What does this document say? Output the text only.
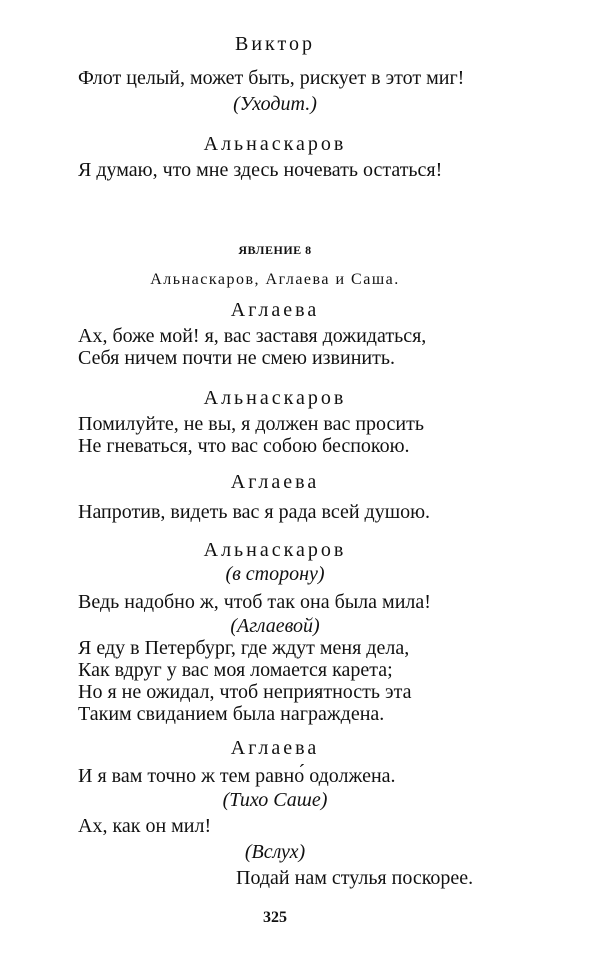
Виктор
Флот целый, может быть, рискует в этот миг!
(Уходит.)
Альнаскаров
Я думаю, что мне здесь ночевать остаться!
ЯВЛЕНИЕ 8
Альнаскаров, Аглаева и Саша.
Аглаева
Ах, боже мой! я, вас заставя дожидаться,
Себя ничем почти не смею извинить.
Альнаскаров
Помилуйте, не вы, я должен вас просить
Не гневаться, что вас собою беспокою.
Аглаева
Напротив, видеть вас я рада всей душою.
Альнаскаров
(в сторону)
Ведь надобно ж, чтоб так она была мила!
(Аглаевой)
Я еду в Петербург, где ждут меня дела,
Как вдруг у вас моя ломается карета;
Но я не ожидал, чтоб неприятность эта
Таким свиданием была награждена.
Аглаева
И я вам точно ж тем равно́ одолжена.
(Тихо Саше)
Ах, как он мил!
(Вслух)
Подай нам стулья поскорее.
325
